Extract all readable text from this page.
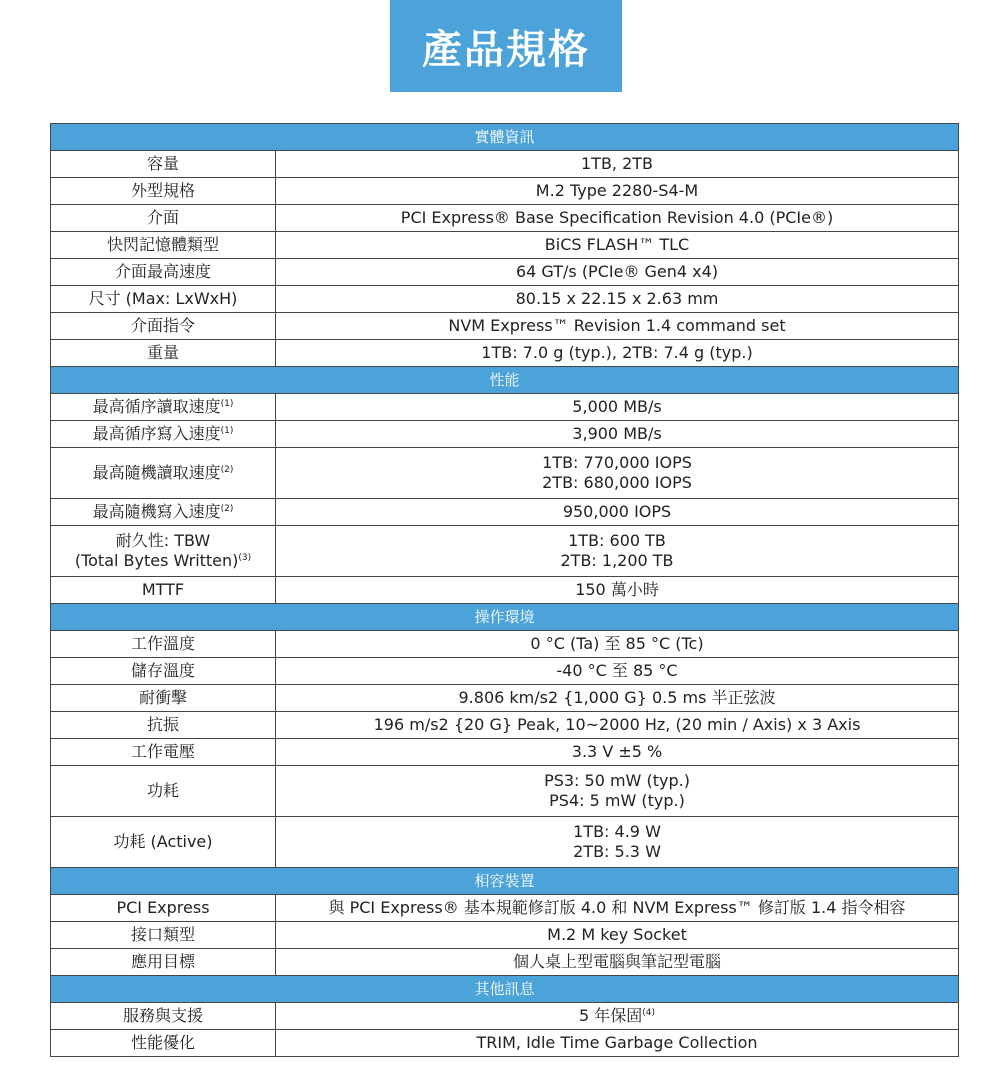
產品規格
實體資訊	

容量	1TB, 2TB

外型規格	M.2 Type 2280-S4-M

介面	PCI Express® Base Specification Revision 4.0 (PCIe®)

快閃記憶體類型	BiCS FLASH™ TLC

介面最高速度	64 GT/s (PCIe® Gen4 x4)

尺寸 (Max: LxWxH)	80.15 x 22.15 x 2.63 mm

介面指令	NVM Express™ Revision 1.4 command set

重量	1TB: 7.0 g (typ.), 2TB: 7.4 g (typ.)

性能	

最高循序讀取速度$^{(1)}$	5,000 MB/s

最高循序寫入速度$^{(1)}$	3,900 MB/s

最高隨機讀取速度$^{(2)}$	1TB: 770,000 IOPS
2TB: 680,000 IOPS

最高隨機寫入速度$^{(2)}$	950,000 IOPS

耐久性: TBW
(Total Bytes Written)$^{(3)}$	1TB: 600 TB
2TB: 1,200 TB

MTTF	150 萬小時

操作環境	

工作溫度	0 °C (Ta) 至 85 °C (Tc)

儲存溫度	-40 °C 至 85 °C

耐衝擊	9.806 km/s2 {1,000 G} 0.5 ms 半正弦波

抗振	196 m/s2 {20 G} Peak, 10~2000 Hz, (20 min / Axis) x 3 Axis

工作電壓	3.3 V ±5 %

功耗	PS3: 50 mW (typ.)
PS4: 5 mW (typ.)

功耗 (Active)	1TB: 4.9 W
2TB: 5.3 W

相容裝置	

PCI Express	與 PCI Express® 基本規範修訂版 4.0 和 NVM Express™ 修訂版 1.4 指令相容

接口類型	M.2 M key Socket

應用目標	個人桌上型電腦與筆記型電腦

其他訊息	

服務與支援	5 年保固$^{(4)}$

性能優化	TRIM, Idle Time Garbage Collection
